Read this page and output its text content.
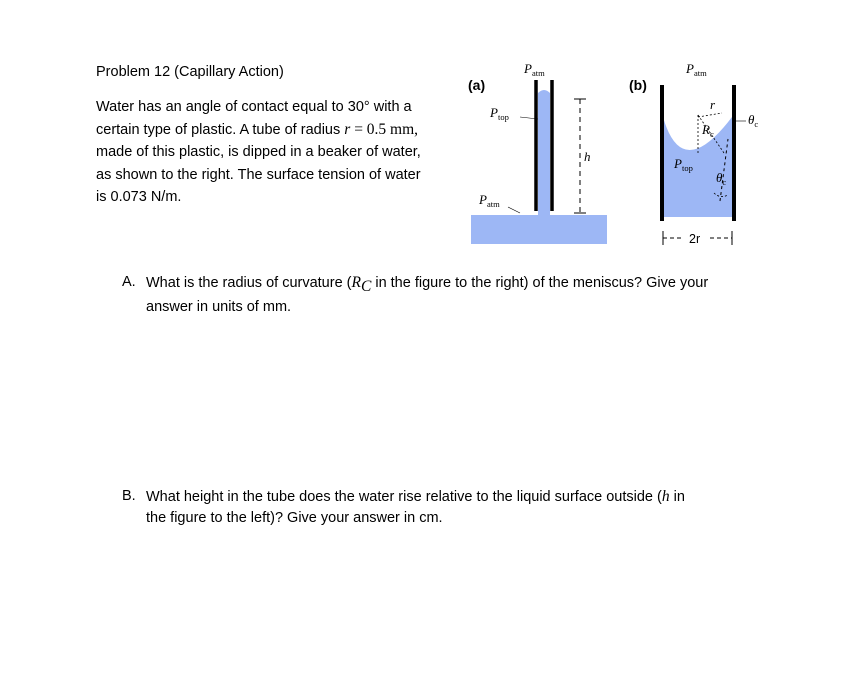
Problem 12 (Capillary Action)
Water has an angle of contact equal to 30° with a
certain type of plastic. A tube of radius r = 0.5 mm,
made of this plastic, is dipped in a beaker of water,
as shown to the right. The surface tension of water
is 0.073 N/m.
(a)
h
Patm
Ptop
Patm
(b)
Patm
r
θc
Rc
Ptop
θc
2r
A. What is the radius of curvature ($R_C$ in the figure to the right) of the meniscus? Give your
answer in units of mm.
B. What height in the tube does the water rise relative to the liquid surface outside (h in
the figure to the left)? Give your answer in cm.
